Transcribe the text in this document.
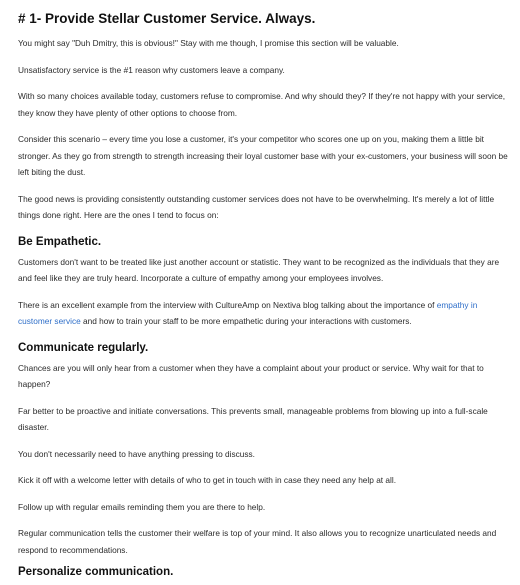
# 1- Provide Stellar Customer Service. Always.

You might say "Duh Dmitry, this is obvious!" Stay with me though, I promise this section will be valuable.

Unsatisfactory service is the #1 reason why customers leave a company.

With so many choices available today, customers refuse to compromise. And why should they? If they're not happy with your service, they know they have plenty of other options to choose from.

Consider this scenario – every time you lose a customer, it's your competitor who scores one up on you, making them a little bit stronger. As they go from strength to strength increasing their loyal customer base with your ex-customers, your business will soon be left biting the dust.

The good news is providing consistently outstanding customer services does not have to be overwhelming. It's merely a lot of little things done right. Here are the ones I tend to focus on:

Be Empathetic.

Customers don't want to be treated like just another account or statistic. They want to be recognized as the individuals that they are and feel like they are truly heard. Incorporate a culture of empathy among your employees involves.

There is an excellent example from the interview with CultureAmp on Nextiva blog talking about the importance of empathy in customer service and how to train your staff to be more empathetic during your interactions with customers.

Communicate regularly.

Chances are you will only hear from a customer when they have a complaint about your product or service. Why wait for that to happen?

Far better to be proactive and initiate conversations. This prevents small, manageable problems from blowing up into a full-scale disaster.

You don't necessarily need to have anything pressing to discuss.

Kick it off with a welcome letter with details of who to get in touch with in case they need any help at all.

Follow up with regular emails reminding them you are there to help.

Regular communication tells the customer their welfare is top of your mind. It also allows you to recognize unarticulated needs and respond to recommendations.

Personalize communication.
